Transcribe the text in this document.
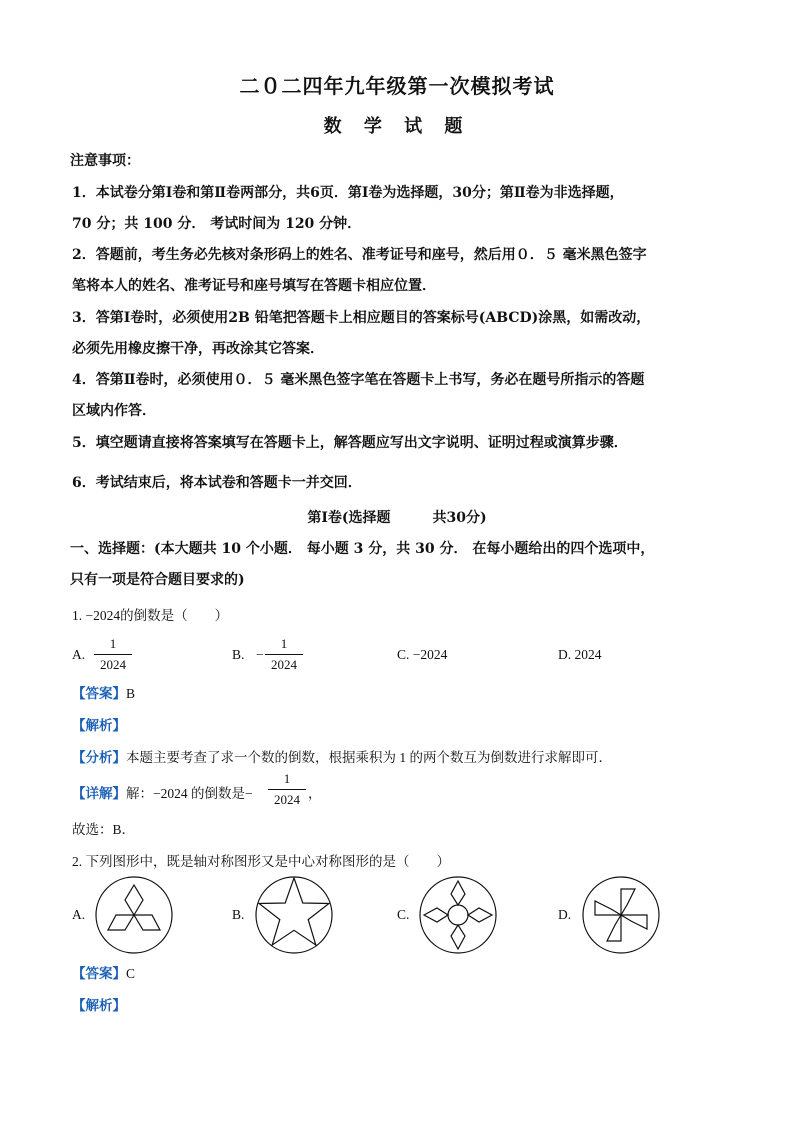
二０二四年九年级第一次模拟考试
数 学 试 题
注意事项：
1．本试卷分第Ⅰ卷和第Ⅱ卷两部分，共6页．第Ⅰ卷为选择题，30分；第Ⅱ卷为非选择题，
70 分；共 100 分． 考试时间为 120 分钟．
2．答题前，考生务必先核对条形码上的姓名、准考证号和座号，然后用０．５ 毫米黑色签字
笔将本人的姓名、准考证号和座号填写在答题卡相应位置．
3．答第Ⅰ卷时，必须使用2B 铅笔把答题卡上相应题目的答案标号(ABCD)涂黑，如需改动，
必须先用橡皮擦干净，再改涂其它答案．
4．答第Ⅱ卷时，必须使用０．５ 毫米黑色签字笔在答题卡上书写，务必在题号所指示的答题
区域内作答．
5．填空题请直接将答案填写在答题卡上，解答题应写出文字说明、证明过程或演算步骤．
6．考试结束后，将本试卷和答题卡一并交回．
第Ⅰ卷(选择题　　　共30分)
一、选择题：(本大题共 10 个小题． 每小题 3 分，共 30 分． 在每小题给出的四个选项中，
只有一项是符合题目要求的)
1. −2024的倒数是（　　）
A.
1
2024
B. −
1
2024
C. −2024	D. 2024
【答案】B
【解析】
【分析】本题主要考查了求一个数的倒数，根据乘积为 1 的两个数互为倒数进行求解即可．
【详解】解：−2024 的倒数是−
1
2024 ，
故选：B．
2. 下列图形中，既是轴对称图形又是中心对称图形的是（　　）
A.	B.	C.	D.
【答案】C
【解析】
